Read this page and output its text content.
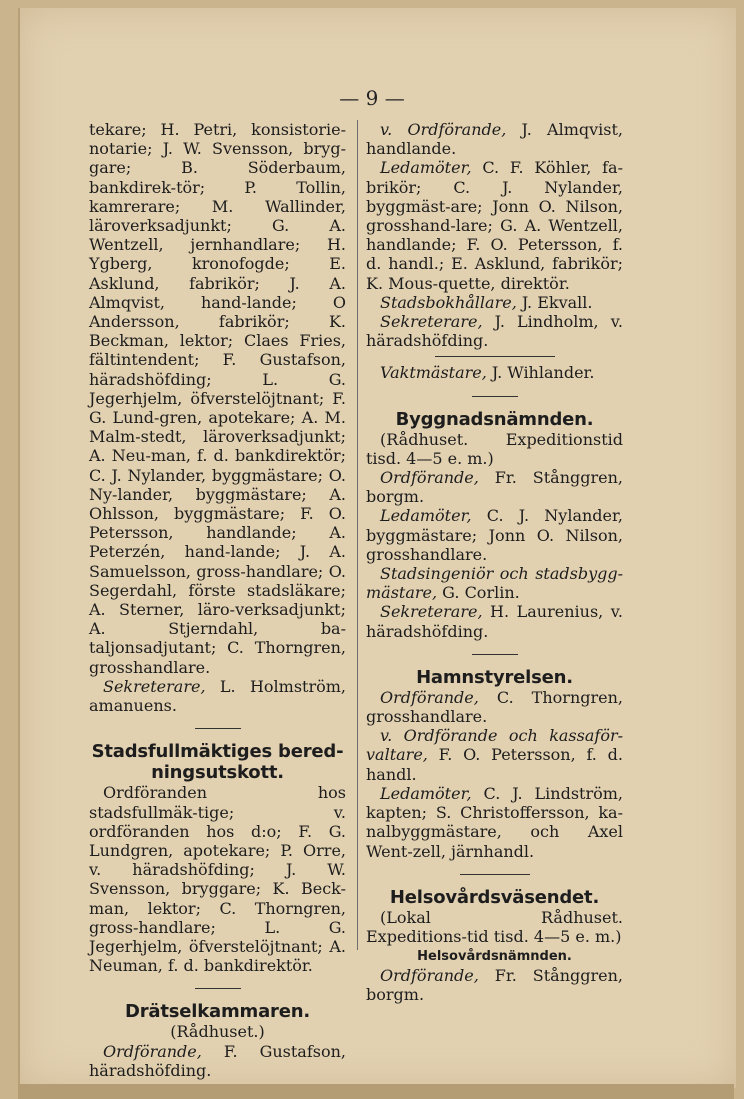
— 9 —

tekare; H. Petri, konsistorie-notarie; J. W. Svensson, bryg-gare; B. Söderbaum, bankdirek-tör; P. Tollin, kamrerare; M. Wallinder, läroverksadjunkt; G. A. Wentzell, jernhandlare; H. Ygberg, kronofogde; E. Asklund, fabrikör; J. A. Almqvist, hand-lande; O Andersson, fabrikör; K. Beckman, lektor; Claes Fries, fältintendent; F. Gustafson, häradshöfding; L. G. Jegerhjelm, öfverstelöjtnant; F. G. Lund-gren, apotekare; A. M. Malm-stedt, läroverksadjunkt; A. Neu-man, f. d. bankdirektör; C. J. Nylander, byggmästare; O. Ny-lander, byggmästare; A. Ohlsson, byggmästare; F. O. Petersson, handlande; A. Peterzén, hand-lande; J. A. Samuelsson, gross-handlare; O. Segerdahl, förste stadsläkare; A. Sterner, läro-verksadjunkt; A. Stjerndahl, ba-taljonsadjutant; C. Thorngren, grosshandlare.

Sekreterare, L. Holmström, amanuens.

Stadsfullmäktiges bered-ningsutskott.

Ordföranden hos stadsfullmäk-tige; v. ordföranden hos d:o; F. G. Lundgren, apotekare; P. Orre, v. häradshöfding; J. W. Svensson, bryggare; K. Beck-man, lektor; C. Thorngren, gross-handlare; L. G. Jegerhjelm, öfverstelöjtnant; A. Neuman, f. d. bankdirektör.

Drätselkammaren.

(Rådhuset.)

Ordförande, F. Gustafson, häradshöfding.

v. Ordförande, J. Almqvist, handlande.

Ledamöter, C. F. Köhler, fa-brikör; C. J. Nylander, byggmäst-are; Jonn O. Nilson, grosshand-lare; G. A. Wentzell, handlande; F. O. Petersson, f. d. handl.; E. Asklund, fabrikör; K. Mous-quette, direktör.

Stadsbokhållare, J. Ekvall.

Sekreterare, J. Lindholm, v. häradshöfding.

Vaktmästare, J. Wihlander.

Byggnadsnämnden.

(Rådhuset. Expeditionstid tisd. 4—5 e. m.)

Ordförande, Fr. Stånggren, borgm.

Ledamöter, C. J. Nylander, byggmästare; Jonn O. Nilson, grosshandlare.

Stadsingeniör och stadsbygg-mästare, G. Corlin.

Sekreterare, H. Laurenius, v. häradshöfding.

Hamnstyrelsen.

Ordförande, C. Thorngren, grosshandlare.

v. Ordförande och kassaför-valtare, F. O. Petersson, f. d. handl.

Ledamöter, C. J. Lindström, kapten; S. Christoffersson, ka-nalbyggmästare, och Axel Went-zell, järnhandl.

Helsovårdsväsendet.

(Lokal Rådhuset. Expeditions-tid tisd. 4—5 e. m.)

Helsovårdsnämnden.

Ordförande, Fr. Stånggren, borgm.
